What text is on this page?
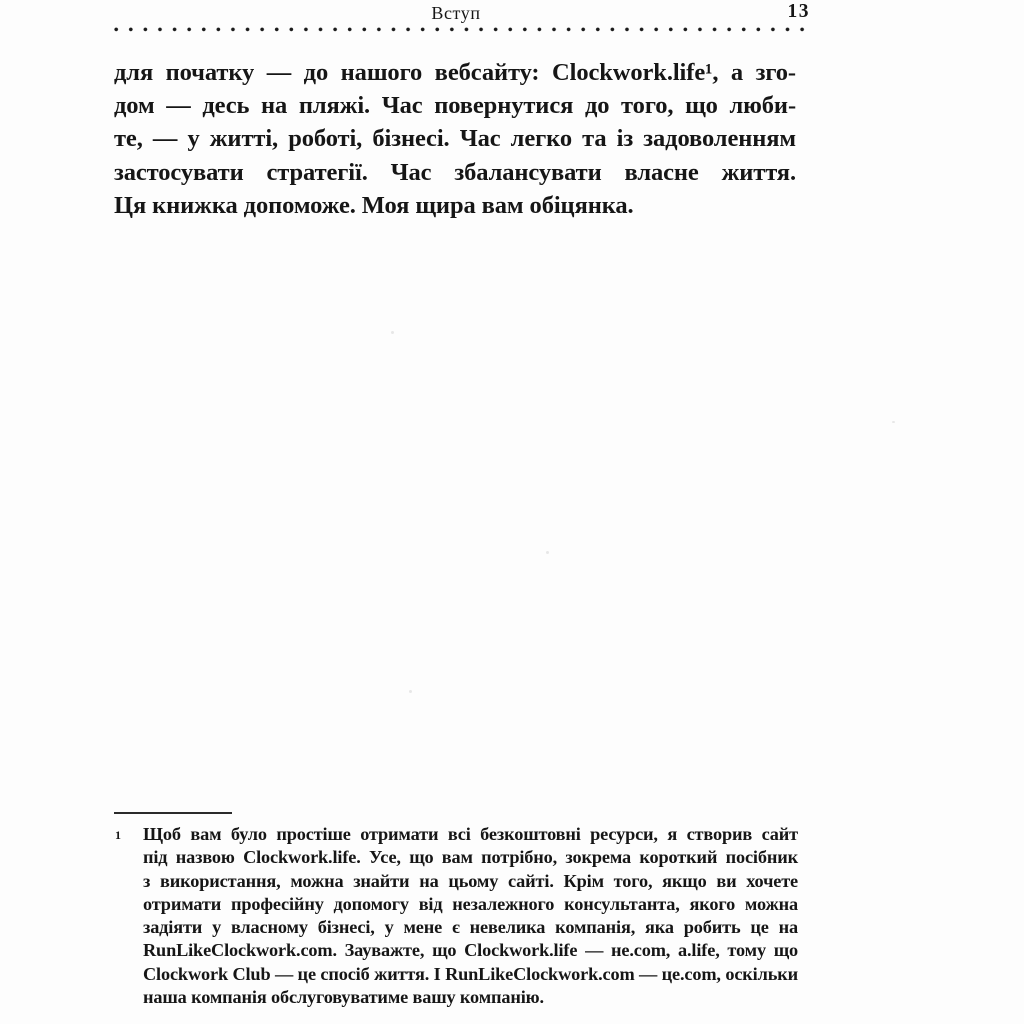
Вступ	13
для початку — до нашого вебсайту: Clockwork.life¹, а зго-
дом — десь на пляжі. Час повернутися до того, що люби-
те, — у житті, роботі, бізнесі. Час легко та із задоволенням
застосувати стратегії. Час збалансувати власне життя.
Ця книжка допоможе. Моя щира вам обіцянка.
1 Щоб вам було простіше отримати всі безкоштовні ресурси, я створив сайт
під назвою Clockwork.life. Усе, що вам потрібно, зокрема короткий посібник
з використання, можна знайти на цьому сайті. Крім того, якщо ви хочете
отримати професійну допомогу від незалежного консультанта, якого можна
задіяти у власному бізнесі, у мене є невелика компанія, яка робить це на
RunLikeClockwork.com. Зауважте, що Clockwork.life — не.com, а.life, тому що
Clockwork Club — це спосіб життя. І RunLikeClockwork.com — це.com, оскільки
наша компанія обслуговуватиме вашу компанію.
